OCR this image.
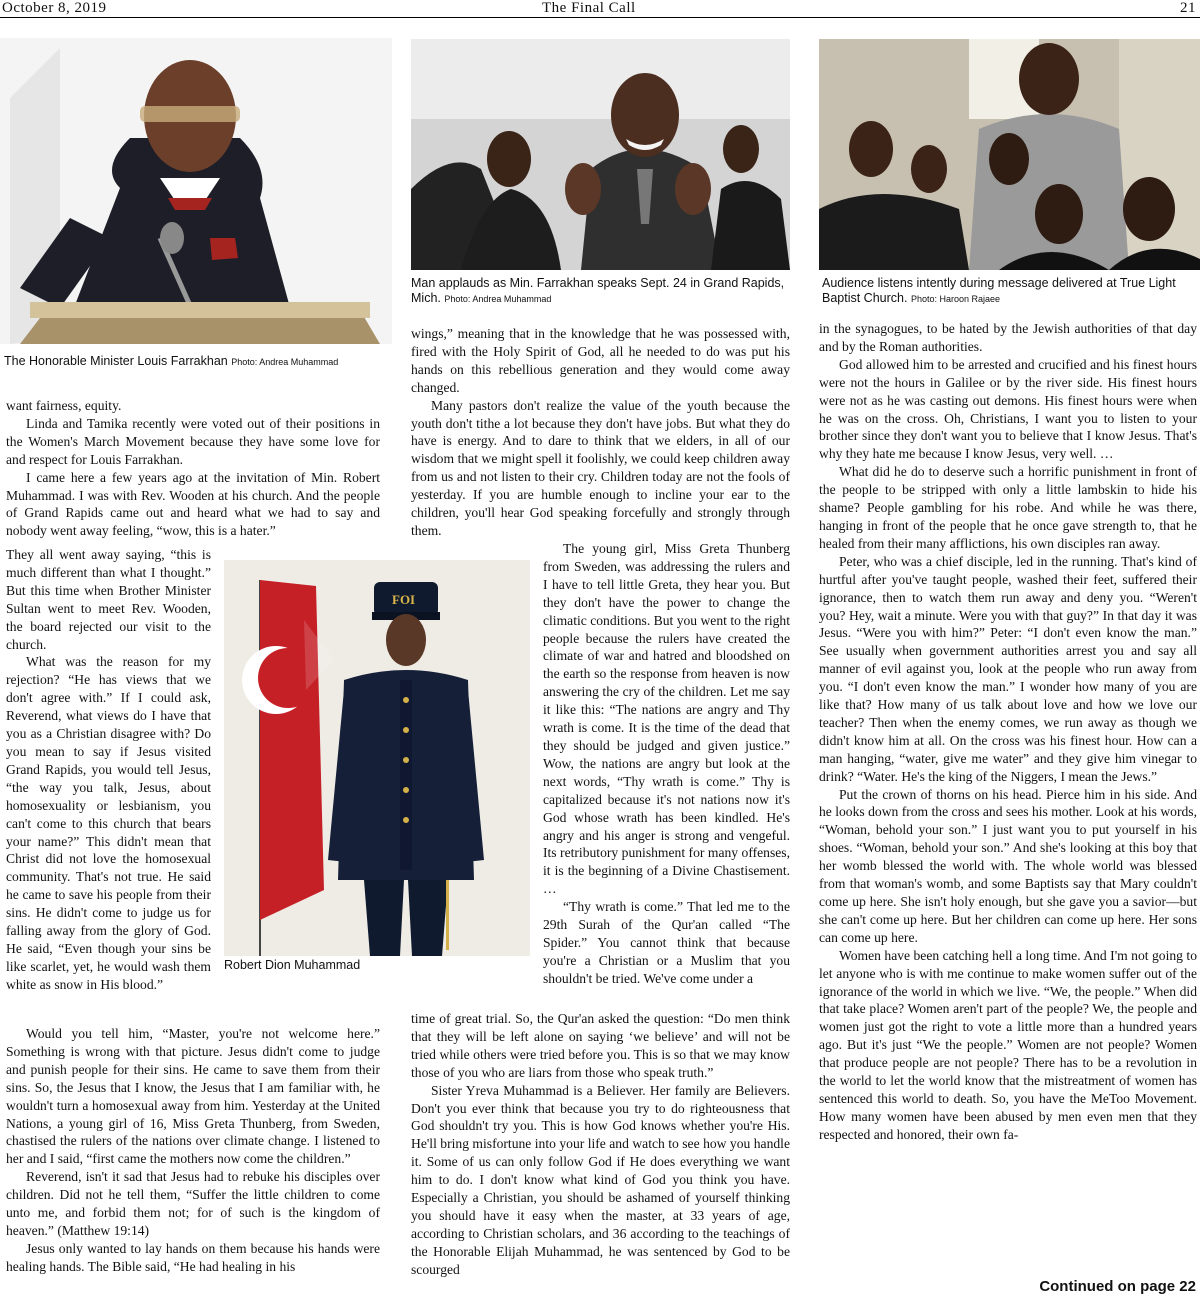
October 8, 2019	The Final Call	21
The Honorable Minister Louis Farrakhan Photo: Andrea Muhammad
Man applauds as Min. Farrakhan speaks Sept. 24 in Grand Rapids, Mich. Photo: Andrea Muhammad
Audience listens intently during message delivered at True Light Baptist Church. Photo: Haroon Rajaee
FOI
Robert Dion Muhammad

want fairness, equity.

Linda and Tamika recently were voted out of their positions in the Women's March Movement because they have some love for and respect for Louis Farrakhan.

I came here a few years ago at the invitation of Min. Robert Muhammad. I was with Rev. Wooden at his church. And the people of Grand Rapids came out and heard what we had to say and nobody went away feeling, “wow, this is a hater.”

They all went away saying, “this is much different than what I thought.” But this time when Brother Minister Sultan went to meet Rev. Wooden, the board rejected our visit to the church.

What was the reason for my rejection? “He has views that we don't agree with.” If I could ask, Reverend, what views do I have that you as a Christian disagree with? Do you mean to say if Jesus visited Grand Rapids, you would tell Jesus, “the way you talk, Jesus, about homosexuality or lesbianism, you can't come to this church that bears your name?” This didn't mean that Christ did not love the homosexual community. That's not true. He said he came to save his people from their sins. He didn't come to judge us for falling away from the glory of God. He said, “Even though your sins be like scarlet, yet, he would wash them white as snow in His blood.”

Would you tell him, “Master, you're not welcome here.” Something is wrong with that picture. Jesus didn't come to judge and punish people for their sins. He came to save them from their sins. So, the Jesus that I know, the Jesus that I am familiar with, he wouldn't turn a homosexual away from him. Yesterday at the United Nations, a young girl of 16, Miss Greta Thunberg, from Sweden, chastised the rulers of the nations over climate change. I listened to her and I said, “first came the mothers now come the children.”

Reverend, isn't it sad that Jesus had to rebuke his disciples over children. Did not he tell them, “Suffer the little children to come unto me, and forbid them not; for of such is the kingdom of heaven.” (Matthew 19:14)

Jesus only wanted to lay hands on them because his hands were healing hands. The Bible said, “He had healing in his

wings,” meaning that in the knowledge that he was possessed with, fired with the Holy Spirit of God, all he needed to do was put his hands on this rebellious generation and they would come away changed.

Many pastors don't realize the value of the youth because the youth don't tithe a lot because they don't have jobs. But what they do have is energy. And to dare to think that we elders, in all of our wisdom that we might spell it foolishly, we could keep children away from us and not listen to their cry. Children today are not the fools of yesterday. If you are humble enough to incline your ear to the children, you'll hear God speaking forcefully and strongly through them.

The young girl, Miss Greta Thunberg from Sweden, was addressing the rulers and I have to tell little Greta, they hear you. But they don't have the power to change the climatic conditions. But you went to the right people because the rulers have created the climate of war and hatred and bloodshed on the earth so the response from heaven is now answering the cry of the children. Let me say it like this: “The nations are angry and Thy wrath is come. It is the time of the dead that they should be judged and given justice.” Wow, the nations are angry but look at the next words, “Thy wrath is come.” Thy is capitalized because it's not nations now it's God whose wrath has been kindled. He's angry and his anger is strong and vengeful. Its retributory punishment for many offenses, it is the beginning of a Divine Chastisement. …

“Thy wrath is come.” That led me to the 29th Surah of the Qur'an called “The Spider.” You cannot think that because you're a Christian or a Muslim that you shouldn't be tried. We've come under a

time of great trial. So, the Qur'an asked the question: “Do men think that they will be left alone on saying ‘we believe’ and will not be tried while others were tried before you. This is so that we may know those of you who are liars from those who speak truth.”

Sister Yreva Muhammad is a Believer. Her family are Believers. Don't you ever think that because you try to do righteousness that God shouldn't try you. This is how God knows whether you're His. He'll bring misfortune into your life and watch to see how you handle it. Some of us can only follow God if He does everything we want him to do. I don't know what kind of God you think you have. Especially a Christian, you should be ashamed of yourself thinking you should have it easy when the master, at 33 years of age, according to Christian scholars, and 36 according to the teachings of the Honorable Elijah Muhammad, he was sentenced by God to be scourged

in the synagogues, to be hated by the Jewish authorities of that day and by the Roman authorities.

God allowed him to be arrested and crucified and his finest hours were not the hours in Galilee or by the river side. His finest hours were not as he was casting out demons. His finest hours were when he was on the cross. Oh, Christians, I want you to listen to your brother since they don't want you to believe that I know Jesus. That's why they hate me because I know Jesus, very well. …

What did he do to deserve such a horrific punishment in front of the people to be stripped with only a little lambskin to hide his shame? People gambling for his robe. And while he was there, hanging in front of the people that he once gave strength to, that he healed from their many afflictions, his own disciples ran away.

Peter, who was a chief disciple, led in the running. That's kind of hurtful after you've taught people, washed their feet, suffered their ignorance, then to watch them run away and deny you. “Weren't you? Hey, wait a minute. Were you with that guy?” In that day it was Jesus. “Were you with him?” Peter: “I don't even know the man.” See usually when government authorities arrest you and say all manner of evil against you, look at the people who run away from you. “I don't even know the man.” I wonder how many of you are like that? How many of us talk about love and how we love our teacher? Then when the enemy comes, we run away as though we didn't know him at all. On the cross was his finest hour. How can a man hanging, “water, give me water” and they give him vinegar to drink? “Water. He's the king of the Niggers, I mean the Jews.”

Put the crown of thorns on his head. Pierce him in his side. And he looks down from the cross and sees his mother. Look at his words, “Woman, behold your son.” I just want you to put yourself in his shoes. “Woman, behold your son.” And she's looking at this boy that her womb blessed the world with. The whole world was blessed from that woman's womb, and some Baptists say that Mary couldn't come up here. She isn't holy enough, but she gave you a savior—but she can't come up here. But her children can come up here. Her sons can come up here.

Women have been catching hell a long time. And I'm not going to let anyone who is with me continue to make women suffer out of the ignorance of the world in which we live. “We, the people.” When did that take place? Women aren't part of the people? We, the people and women just got the right to vote a little more than a hundred years ago. But it's just “We the people.” Women are not people? Women that produce people are not people? There has to be a revolution in the world to let the world know that the mistreatment of women has sentenced this world to death. So, you have the MeToo Movement. How many women have been abused by men even men that they respected and honored, their own fa-

Continued on page 22
